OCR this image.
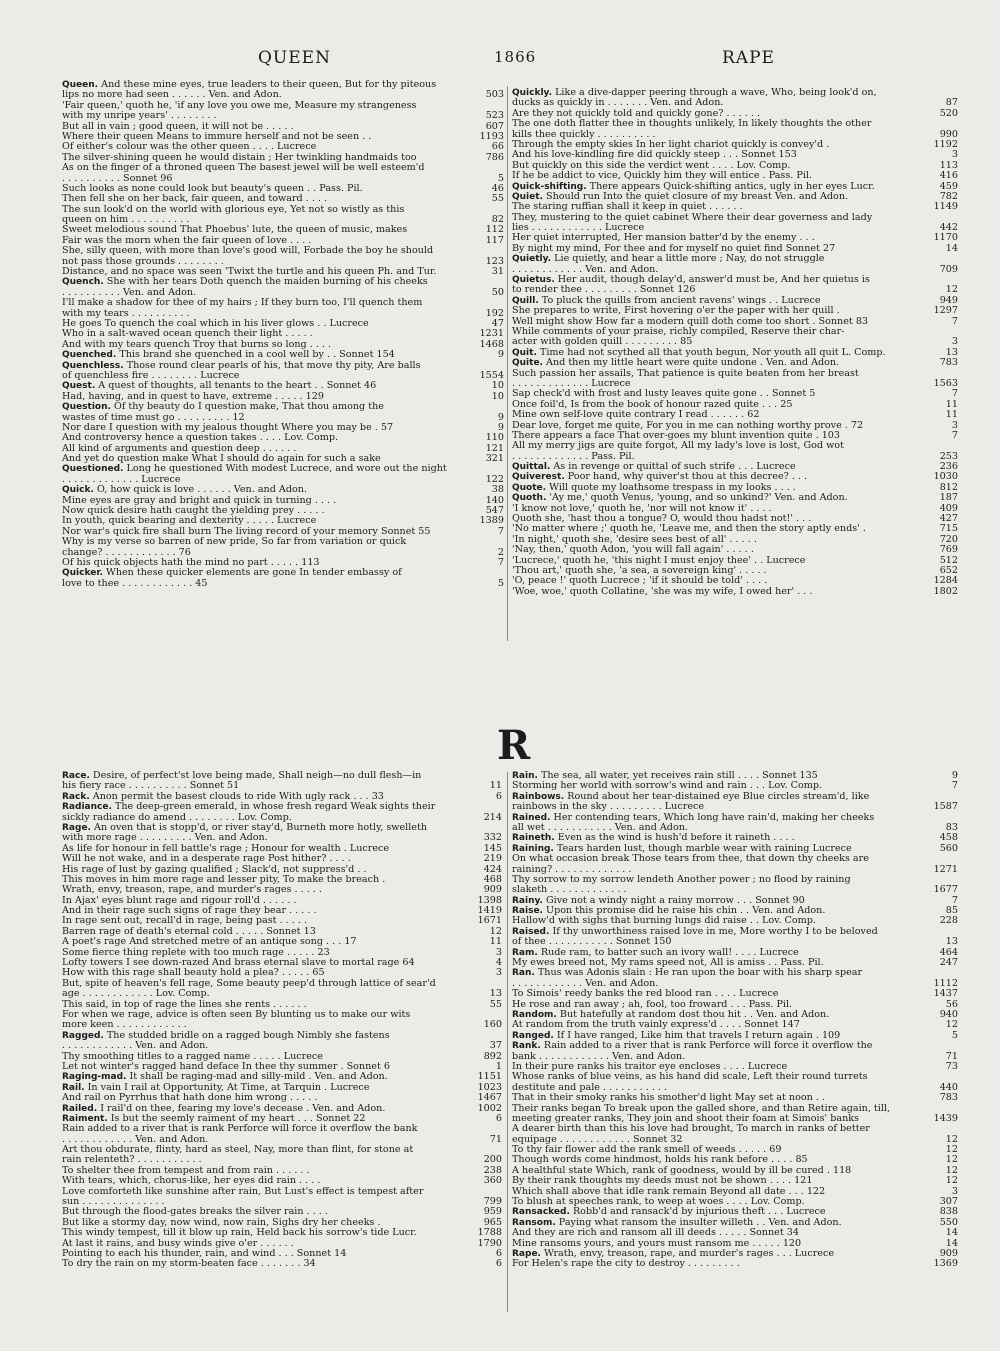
QUEEN	1866	RAPE
R
Queen. And these mine eyes, true leaders to their queen, But for thy piteous
lips no more had seen . . . . . . Ven. and Adon.	503
'Fair queen,' quoth he, 'if any love you owe me, Measure my strangeness
with my unripe years' . . . . . . . .	523
But all in vain ; good queen, it will not be . . . . .	607
Where their queen Means to immure herself and not be seen . .	1193
Of either's colour was the other queen . . . . Lucrece	66
The silver-shining queen he would distain ; Her twinkling handmaids too	786
As on the finger of a throned queen The basest jewel will be well esteem'd
. . . . . . . . . . Sonnet 96	5
Such looks as none could look but beauty's queen . . Pass. Pil.	46
Then fell she on her back, fair queen, and toward . . . .	55
The sun look'd on the world with glorious eye, Yet not so wistly as this
queen on him . . . . . . . . . .	82
Sweet melodious sound That Phoebus' lute, the queen of music, makes	112
Fair was the morn when the fair queen of love . . . .	117
She, silly queen, with more than love's good will, Forbade the boy he should
not pass those grounds . . . . . . . .	123
Distance, and no space was seen 'Twixt the turtle and his queen Ph. and Tur.	31
Quench. She with her tears Doth quench the maiden burning of his cheeks
. . . . . . . . . . Ven. and Adon.	50
I'll make a shadow for thee of my hairs ; If they burn too, I'll quench them
with my tears . . . . . . . . . .	192
He goes To quench the coal which in his liver glows . . Lucrece	47
Who in a salt-waved ocean quench their light . . . . .	1231
And with my tears quench Troy that burns so long . . . .	1468
Quenched. This brand she quenched in a cool well by . . Sonnet 154	9
Quenchless. Those round clear pearls of his, that move thy pity, Are balls
of quenchless fire . . . . . . . . Lucrece	1554
Quest. A quest of thoughts, all tenants to the heart . . Sonnet 46	10
Had, having, and in quest to have, extreme . . . . . 129	10
Question. Of thy beauty do I question make, That thou among the
wastes of time must go . . . . . . . . . 12	9
Nor dare I question with my jealous thought Where you may be . 57	9
And controversy hence a question takes . . . . Lov. Comp.	110
All kind of arguments and question deep . . . . . .	121
And yet do question make What I should do again for such a sake	321
Questioned. Long he questioned With modest Lucrece, and wore out the night
. . . . . . . . . . . . . Lucrece	122
Quick. O, how quick is love . . . . . . Ven. and Adon.	38
Mine eyes are gray and bright and quick in turning . . . .	140
Now quick desire hath caught the yielding prey . . . . .	547
In youth, quick bearing and dexterity . . . . . Lucrece	1389
Nor war's quick fire shall burn The living record of your memory Sonnet 55	7
Why is my verse so barren of new pride, So far from variation or quick
change? . . . . . . . . . . . . 76	2
Of his quick objects hath the mind no part . . . . . 113	7
Quicker. When these quicker elements are gone In tender embassy of
love to thee . . . . . . . . . . . . 45	5
Quickly. Like a dive-dapper peering through a wave, Who, being look'd on,
ducks as quickly in . . . . . . . Ven. and Adon.	87
Are they not quickly told and quickly gone? . . . . . .	520
The one doth flatter thee in thoughts unlikely, In likely thoughts the other
kills thee quickly . . . . . . . . . .	990
Through the empty skies In her light chariot quickly is convey'd .	1192
And his love-kindling fire did quickly steep . . . Sonnet 153	3
But quickly on this side the verdict went . . . . Lov. Comp.	113
If he be addict to vice, Quickly him they will entice . Pass. Pil.	416
Quick-shifting. There appears Quick-shifting antics, ugly in her eyes Lucr.	459
Quiet. Should run Into the quiet closure of my breast Ven. and Adon.	782
The staring ruffian shall it keep in quiet . . . . . .	1149
They, mustering to the quiet cabinet Where their dear governess and lady
lies . . . . . . . . . . . . Lucrece	442
Her quiet interrupted, Her mansion batter'd by the enemy . . .	1170
By night my mind, For thee and for myself no quiet find Sonnet 27	14
Quietly. Lie quietly, and hear a little more ; Nay, do not struggle
. . . . . . . . . . . . Ven. and Adon.	709
Quietus. Her audit, though delay'd, answer'd must be, And her quietus is
to render thee . . . . . . . . . Sonnet 126	12
Quill. To pluck the quills from ancient ravens' wings . . Lucrece	949
She prepares to write, First hovering o'er the paper with her quill .	1297
Well might show How far a modern quill doth come too short . Sonnet 83	7
While comments of your praise, richly compiled, Reserve their char-
acter with golden quill . . . . . . . . . 85	3
Quit. Time had not scythed all that youth begun, Nor youth all quit L. Comp.	13
Quite. And then my little heart were quite undone . Ven. and Adon.	783
Such passion her assails, That patience is quite beaten from her breast
. . . . . . . . . . . . . Lucrece	1563
Sap check'd with frost and lusty leaves quite gone . . Sonnet 5	7
Once foil'd, Is from the book of honour razed quite . . . 25	11
Mine own self-love quite contrary I read . . . . . . 62	11
Dear love, forget me quite, For you in me can nothing worthy prove . 72	3
There appears a face That over-goes my blunt invention quite . 103	7
All my merry jigs are quite forgot, All my lady's love is lost, God wot
. . . . . . . . . . . . . Pass. Pil.	253
Quittal. As in revenge or quittal of such strife . . . Lucrece	236
Quiverest. Poor hand, why quiver'st thou at this decree? . . .	1030
Quote. Will quote my loathsome trespass in my looks . . . .	812
Quoth. 'Ay me,' quoth Venus, 'young, and so unkind?' Ven. and Adon.	187
'I know not love,' quoth he, 'nor will not know it' . . . .	409
Quoth she, 'hast thou a tongue? O, would thou hadst not!' . . .	427
'No matter where ;' quoth he, 'Leave me, and then the story aptly ends' .	715
'In night,' quoth she, 'desire sees best of all' . . . . .	720
'Nay, then,' quoth Adon, 'you will fall again' . . . . .	769
'Lucrece,' quoth he, 'this night I must enjoy thee' . . Lucrece	512
'Thou art,' quoth she, 'a sea, a sovereign king' . . . . .	652
'O, peace !' quoth Lucrece ; 'if it should be told' . . . .	1284
'Woe, woe,' quoth Collatine, 'she was my wife, I owed her' . . .	1802
Race. Desire, of perfect'st love being made, Shall neigh—no dull flesh—in
his fiery race . . . . . . . . . . Sonnet 51	11
Rack. Anon permit the basest clouds to ride With ugly rack . . . 33	6
Radiance. The deep-green emerald, in whose fresh regard Weak sights their
sickly radiance do amend . . . . . . . . Lov. Comp.	214
Rage. An oven that is stopp'd, or river stay'd, Burneth more hotly, swelleth
with more rage . . . . . . . . . Ven. and Adon.	332
As life for honour in fell battle's rage ; Honour for wealth . Lucrece	145
Will he not wake, and in a desperate rage Post hither? . . . .	219
His rage of lust by gazing qualified ; Slack'd, not suppress'd . .	424
This moves in him more rage and lesser pity, To make the breach .	468
Wrath, envy, treason, rape, and murder's rages . . . . .	909
In Ajax' eyes blunt rage and rigour roll'd . . . . . .	1398
And in their rage such signs of rage they bear . . . . .	1419
In rage sent out, recall'd in rage, being past . . . . .	1671
Barren rage of death's eternal cold . . . . . Sonnet 13	12
A poet's rage And stretched metre of an antique song . . . 17	11
Some fierce thing replete with too much rage . . . . . 23	3
Lofty towers I see down-razed And brass eternal slave to mortal rage 64	4
How with this rage shall beauty hold a plea? . . . . . 65	3
But, spite of heaven's fell rage, Some beauty peep'd through lattice of sear'd
age . . . . . . . . . . . . Lov. Comp.	13
This said, in top of rage the lines she rents . . . . . .	55
For when we rage, advice is often seen By blunting us to make our wits
more keen . . . . . . . . . . . .	160
Ragged. The studded bridle on a ragged bough Nimbly she fastens
. . . . . . . . . . . . Ven. and Adon.	37
Thy smoothing titles to a ragged name . . . . . Lucrece	892
Let not winter's ragged hand deface In thee thy summer . Sonnet 6	1
Raging-mad. It shall be raging-mad and silly-mild . Ven. and Adon.	1151
Rail. In vain I rail at Opportunity, At Time, at Tarquin . Lucrece	1023
And rail on Pyrrhus that hath done him wrong . . . . .	1467
Railed. I rail'd on thee, fearing my love's decease . Ven. and Adon.	1002
Raiment. Is but the seemly raiment of my heart . . . Sonnet 22	6
Rain added to a river that is rank Perforce will force it overflow the bank
. . . . . . . . . . . . Ven. and Adon.	71
Art thou obdurate, flinty, hard as steel, Nay, more than flint, for stone at
rain relenteth? . . . . . . . . . . .	200
To shelter thee from tempest and from rain . . . . . .	238
With tears, which, chorus-like, her eyes did rain . . . .	360
Love comforteth like sunshine after rain, But Lust's effect is tempest after
sun . . . . . . . . . . . . . .	799
But through the flood-gates breaks the silver rain . . . .	959
But like a stormy day, now wind, now rain, Sighs dry her cheeks .	965
This windy tempest, till it blow up rain, Held back his sorrow's tide Lucr.	1788
At last it rains, and busy winds give o'er . . . . . .	1790
Pointing to each his thunder, rain, and wind . . . Sonnet 14	6
To dry the rain on my storm-beaten face . . . . . . . 34	6
Rain. The sea, all water, yet receives rain still . . . . Sonnet 135	9
Storming her world with sorrow's wind and rain . . . Lov. Comp.	7
Rainbows. Round about her tear-distained eye Blue circles stream'd, like
rainbows in the sky . . . . . . . . . Lucrece	1587
Rained. Her contending tears, Which long have rain'd, making her cheeks
all wet . . . . . . . . . . . Ven. and Adon.	83
Raineth. Even as the wind is hush'd before it raineth . . . .	458
Raining. Tears harden lust, though marble wear with raining Lucrece	560
On what occasion break Those tears from thee, that down thy cheeks are
raining? . . . . . . . . . . . . .	1271
Thy sorrow to my sorrow lendeth Another power ; no flood by raining
slaketh . . . . . . . . . . . . .	1677
Rainy. Give not a windy night a rainy morrow . . . Sonnet 90	7
Raise. Upon this promise did he raise his chin . . Ven. and Adon.	85
Hallow'd with sighs that burning lungs did raise . . Lov. Comp.	228
Raised. If thy unworthiness raised love in me, More worthy I to be beloved
of thee . . . . . . . . . . . Sonnet 150	13
Ram. Rude ram, to batter such an ivory wall! . . . . Lucrece	464
My ewes breed not, My rams speed not, All is amiss . . Pass. Pil.	247
Ran. Thus was Adonis slain : He ran upon the boar with his sharp spear
. . . . . . . . . . . . Ven. and Adon.	1112
To Simois' reedy banks the red blood ran . . . . Lucrece	1437
He rose and ran away ; ah, fool, too froward . . . Pass. Pil.	56
Random. But hatefully at random dost thou hit . . Ven. and Adon.	940
At random from the truth vainly express'd . . . . Sonnet 147	12
Ranged. If I have ranged, Like him that travels I return again . 109	5
Rank. Rain added to a river that is rank Perforce will force it overflow the
bank . . . . . . . . . . . . Ven. and Adon.	71
In their pure ranks his traitor eye encloses . . . . Lucrece	73
Whose ranks of blue veins, as his hand did scale, Left their round turrets
destitute and pale . . . . . . . . . . .	440
That in their smoky ranks his smother'd light May set at noon . .	783
Their ranks began To break upon the galled shore, and than Retire again, till,
meeting greater ranks, They join and shoot their foam at Simois' banks	1439
A dearer birth than this his love had brought, To march in ranks of better
equipage . . . . . . . . . . . . Sonnet 32	12
To thy fair flower add the rank smell of weeds . . . . . 69	12
Though words come hindmost, holds his rank before . . . . 85	12
A healthful state Which, rank of goodness, would by ill be cured . 118	12
By their rank thoughts my deeds must not be shown . . . . 121	12
Which shall above that idle rank remain Beyond all date . . . 122	3
To blush at speeches rank, to weep at woes . . . . Lov. Comp.	307
Ransacked. Robb'd and ransack'd by injurious theft . . . Lucrece	838
Ransom. Paying what ransom the insulter willeth . . Ven. and Adon.	550
And they are rich and ransom all ill deeds . . . . . Sonnet 34	14
Mine ransoms yours, and yours must ransom me . . . . . 120	14
Rape. Wrath, envy, treason, rape, and murder's rages . . . Lucrece	909
For Helen's rape the city to destroy . . . . . . . . .	1369
